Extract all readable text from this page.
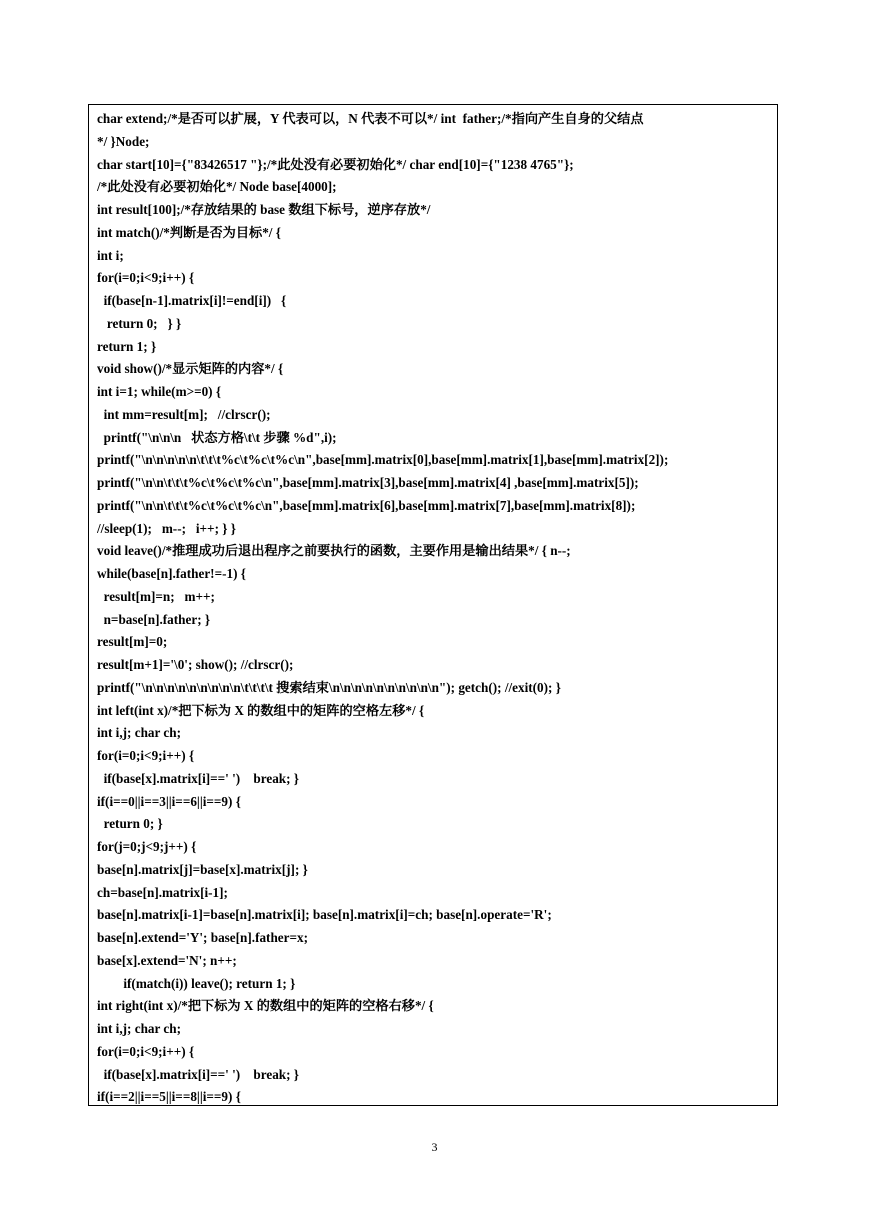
char extend;/*是否可以扩展，Y 代表可以，N 代表不可以*/ int  father;/*指向产生自身的父结点
*/ }Node;
char start[10]={"83426517 "};/*此处没有必要初始化*/ char end[10]={"1238 4765"};
/*此处没有必要初始化*/ Node base[4000];
int result[100];/*存放结果的 base 数组下标号，逆序存放*/
int match()/*判断是否为目标*/ {
int i;
for(i=0;i<9;i++) {
if(base[n-1].matrix[i]!=end[i])   {
return 0;   } }
return 1; }
void show()/*显示矩阵的内容*/ {
int i=1; while(m>=0) {
int mm=result[m];   //clrscr();
printf("\n\n\n   状态方格\t\t 步骤 %d",i);
printf("\n\n\n\n\n\t\t\t%c\t%c\t%c\n",base[mm].matrix[0],base[mm].matrix[1],base[mm].matrix[2]);
printf("\n\n\t\t\t%c\t%c\t%c\n",base[mm].matrix[3],base[mm].matrix[4] ,base[mm].matrix[5]);
printf("\n\n\t\t\t%c\t%c\t%c\n",base[mm].matrix[6],base[mm].matrix[7],base[mm].matrix[8]);
//sleep(1);   m--;   i++; } }
void leave()/*推理成功后退出程序之前要执行的函数，主要作用是输出结果*/ { n--;
while(base[n].father!=-1) {
result[m]=n;   m++;
n=base[n].father; }
result[m]=0;
result[m+1]='\0'; show(); //clrscr();
printf("\n\n\n\n\n\n\n\n\n\t\t\t\t 搜索结束\n\n\n\n\n\n\n\n\n\n"); getch(); //exit(0); }
int left(int x)/*把下标为 X 的数组中的矩阵的空格左移*/ {
int i,j; char ch;
for(i=0;i<9;i++) {
if(base[x].matrix[i]==' ')    break; }
if(i==0||i==3||i==6||i==9) {
return 0; }
for(j=0;j<9;j++) {
base[n].matrix[j]=base[x].matrix[j]; }
ch=base[n].matrix[i-1];
base[n].matrix[i-1]=base[n].matrix[i]; base[n].matrix[i]=ch; base[n].operate='R';
base[n].extend='Y'; base[n].father=x;
base[x].extend='N'; n++;
if(match(i)) leave(); return 1; }
int right(int x)/*把下标为 X 的数组中的矩阵的空格右移*/ {
int i,j; char ch;
for(i=0;i<9;i++) {
if(base[x].matrix[i]==' ')    break; }
if(i==2||i==5||i==8||i==9) {
3
